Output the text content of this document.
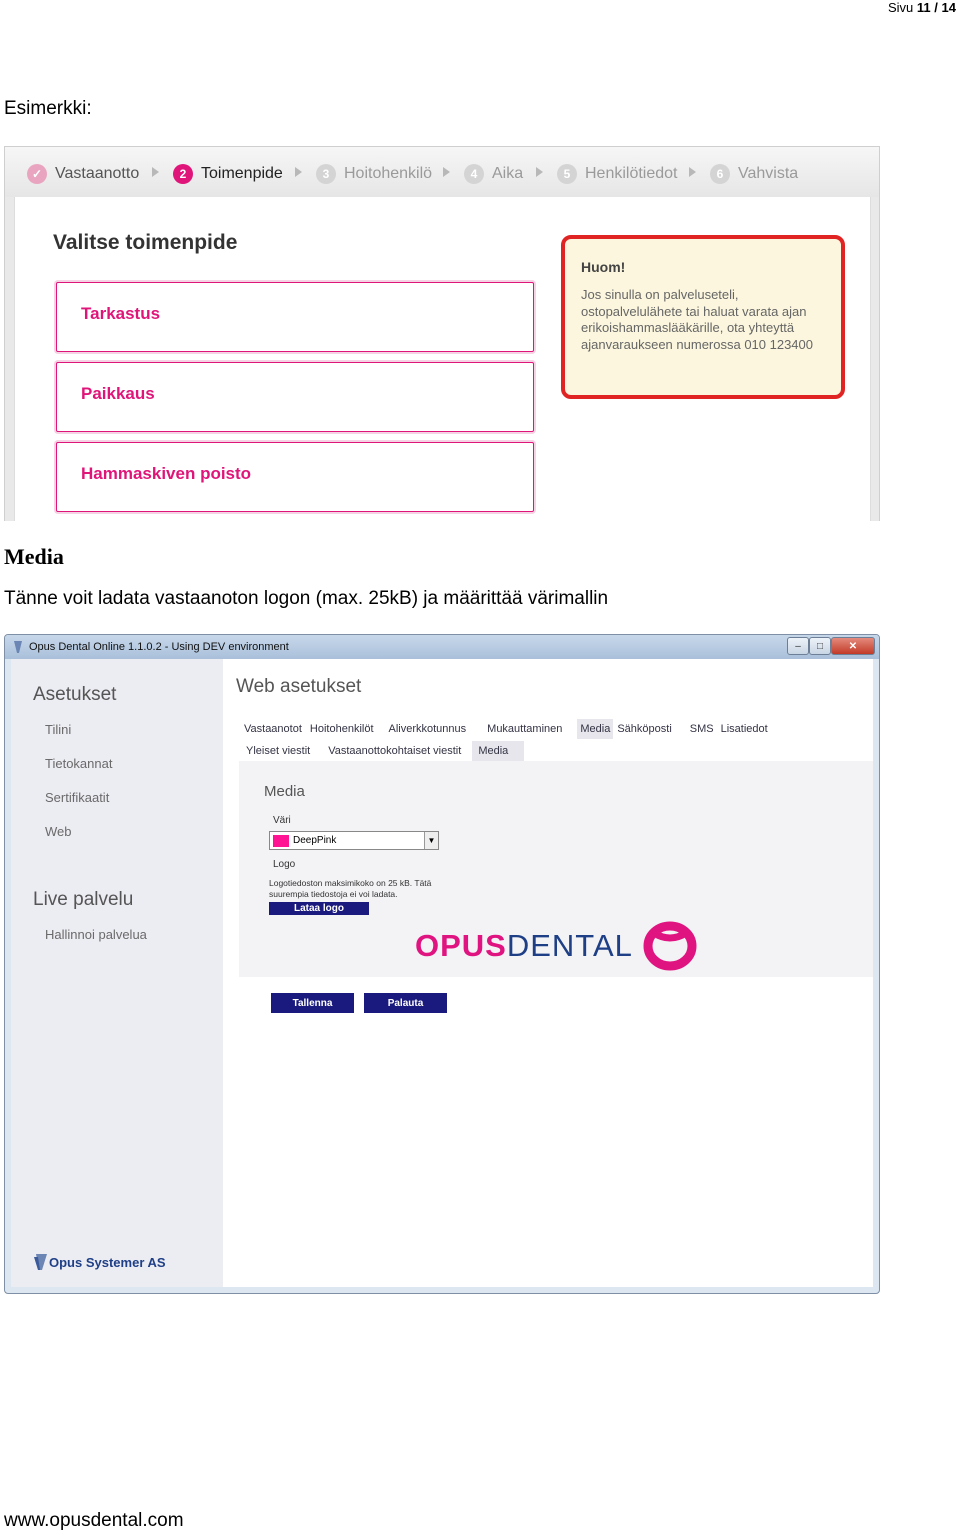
Sivu 11 / 14
Esimerkki:
✓ Vastaanotto	2 Toimenpide	3 Hoitohenkilö	4 Aika	5 Henkilötiedot	6 Vahvista
Valitse toimenpide
Tarkastus
Paikkaus
Hammaskiven poisto
Huom!
Jos sinulla on palveluseteli, ostopalvelulähete tai haluat varata ajan erikoishammaslääkärille, ota yhteyttä ajanvaraukseen numerossa 010 123400
Media
Tänne voit ladata vastaanoton logon (max. 25kB) ja määrittää värimallin
Opus Dental Online 1.1.0.2 - Using DEV environment	–	□	✕
Asetukset
Tilini
Tietokannat
Sertifikaatit
Web
Live palvelu
Hallinnoi palvelua
Opus Systemer AS
Web asetukset
Vastaanotot Hoitohenkilöt Aliverkkotunnus Mukauttaminen Media Sähköposti SMS Lisatiedot
Yleiset viestit Vastaanottokohtaiset viestit	Media
Media
Väri
DeepPink	▼
Logo
Logotiedoston maksimikoko on 25 kB. Tätä suurempia tiedostoja ei voi ladata.
Lataa logo
OPUSDENTAL
Tallenna	Palauta
www.opusdental.com
